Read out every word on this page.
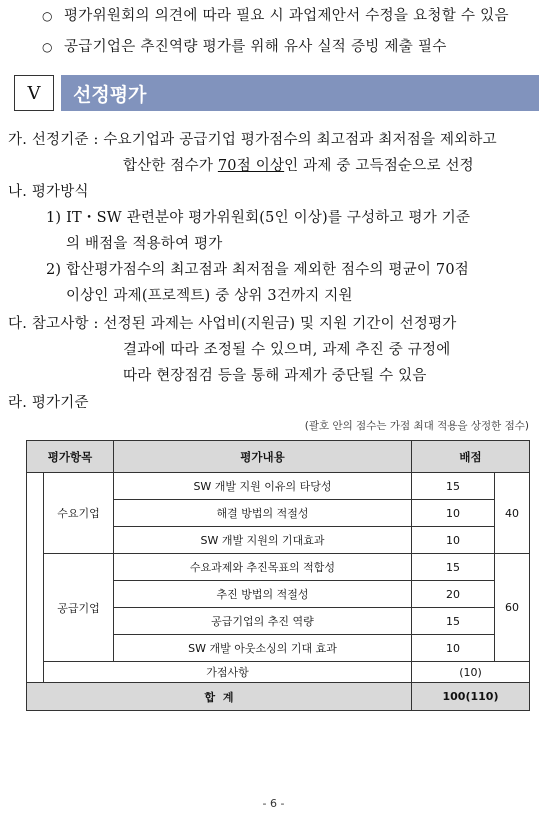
○ 평가위원회의 의견에 따라 필요 시 과업제안서 수정을 요청할 수 있음
○ 공급기업은 추진역량 평가를 위해 유사 실적 증빙 제출 필수
V	선정평가
가. 선정기준 : 수요기업과 공급기업 평가점수의 최고점과 최저점을 제외하고
합산한 점수가 70점 이상인 과제 중 고득점순으로 선정
나. 평가방식
1) IT・SW 관련분야 평가위원회(5인 이상)를 구성하고 평가 기준
의 배점을 적용하여 평가
2) 합산평가점수의 최고점과 최저점을 제외한 점수의 평균이 70점
이상인 과제(프로젝트) 중 상위 3건까지 지원
다. 참고사항 : 선정된 과제는 사업비(지원금) 및 지원 기간이 선정평가
결과에 따라 조정될 수 있으며, 과제 추진 중 규정에
따라 현장점검 등을 통해 과제가 중단될 수 있음
라. 평가기준
(괄호 안의 점수는 가점 최대 적용을 상정한 점수)
평가항목		평가내용	배점	
	수요기업	SW 개발 지원 이유의 타당성	15	40
		해결 방법의 적절성	10	
		SW 개발 지원의 기대효과	10	
	공급기업	수요과제와 추진목표의 적합성	15	60
		추진 방법의 적절성	20	
		공급기업의 추진 역량	15	
		SW 개발 아웃소싱의 기대 효과	10	
	가점사항		(10)	
합  계			100(110)	
- 6 -
